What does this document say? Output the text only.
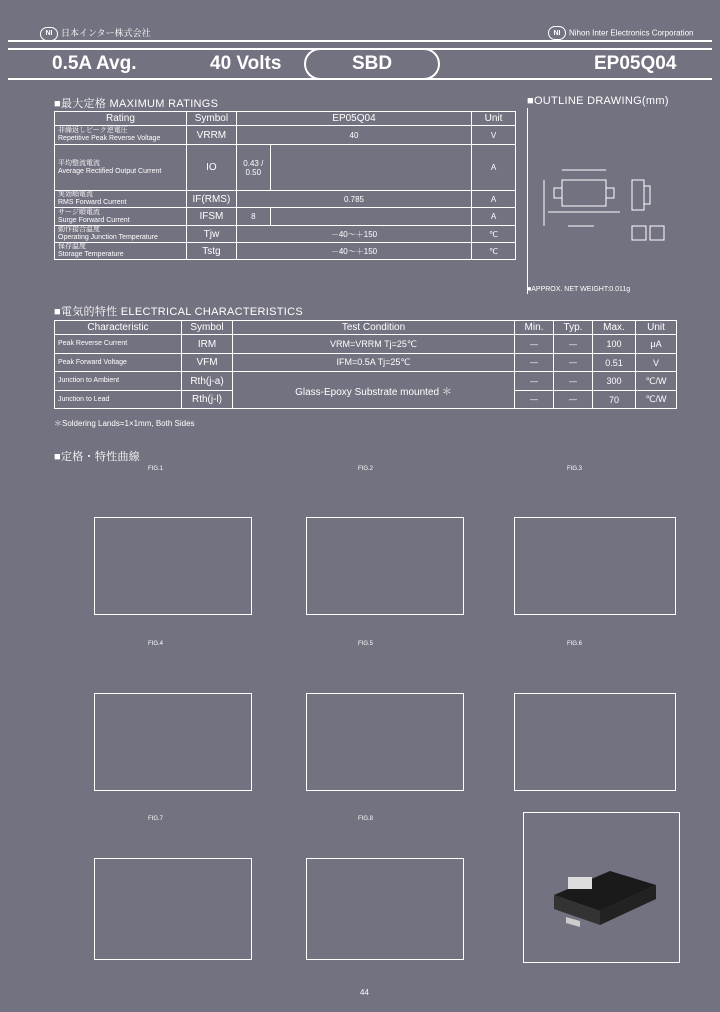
NI 日本インター株式会社	NI Nihon Inter Electronics Corporation
0.5A Avg.	40 Volts	SBD	EP05Q04
■最大定格 MAXIMUM RATINGS
Rating	Symbol	EP05Q04		Unit

非繰返しピーク逆電圧
Repetitive Peak Reverse Voltage	VRRM	40		V

平均整流電流
Average Rectified Output Current	IO	0.43 / 0.50		A

実効順電流
RMS Forward Current	IF(RMS)	0.785		A

サージ順電流
Surge Forward Current	IFSM	8		A

動作接合温度
Operating Junction Temperature	Tjw	－40～＋150		℃

保存温度
Storage Temperature	Tstg	－40～＋150		℃
■OUTLINE DRAWING(mm)
■APPROX. NET WEIGHT:0.011g
■電気的特性 ELECTRICAL CHARACTERISTICS
Characteristic	Symbol	Test Condition	Min.	Typ.	Max.	Unit
Peak Reverse Current	IRM	VRM=VRRM Tj=25℃	—	—	100	μA
Peak Forward Voltage	VFM	IFM=0.5A Tj=25℃	—	—	0.51	V
Junction to Ambient	Rth(j-a)	Glass-Epoxy Substrate mounted ＊	—	—	300	℃/W
Junction to Lead	Rth(j-l)		—	—	70	℃/W
＊Soldering Lands=1×1mm, Both Sides
■定格・特性曲線
FIG.1	FIG.2	FIG.3
FIG.4	FIG.5	FIG.6
FIG.7	FIG.8
44
